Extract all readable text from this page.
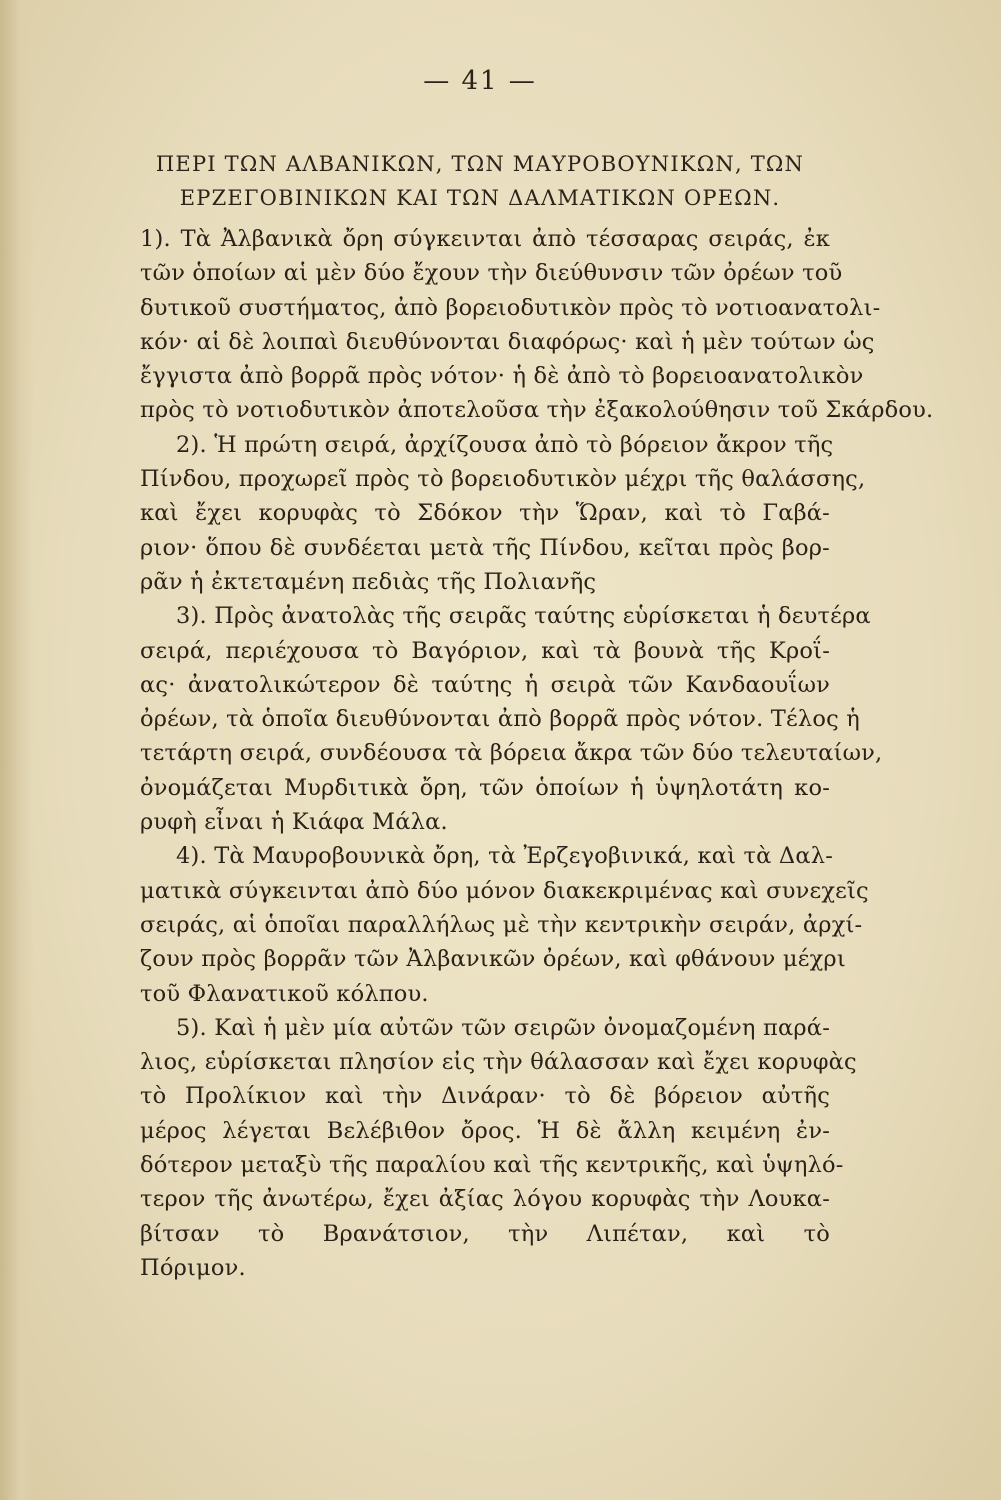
— 41 —
ΠΕΡΙ ΤΩΝ ΑΛΒΑΝΙΚΩΝ, ΤΩΝ ΜΑΥΡΟΒΟΥΝΙΚΩΝ, ΤΩΝ
ΕΡΖΕΓΟΒΙΝΙΚΩΝ ΚΑΙ ΤΩΝ ΔΑΛΜΑΤΙΚΩΝ ΟΡΕΩΝ.
1). Τὰ Ἀλβανικὰ ὄρη σύγκεινται ἀπὸ τέσσαρας σειράς, ἐκ
τῶν ὁποίων αἱ μὲν δύο ἔχουν τὴν διεύθυνσιν τῶν ὀρέων τοῦ
δυτικοῦ συστήματος, ἀπὸ βορειοδυτικὸν πρὸς τὸ νοτιοανατολι-
κόν· αἱ δὲ λοιπαὶ διευθύνονται διαφόρως· καὶ ἡ μὲν τούτων ὡς
ἔγγιστα ἀπὸ βορρᾶ πρὸς νότον· ἡ δὲ ἀπὸ τὸ βορειοανατολικὸν
πρὸς τὸ νοτιοδυτικὸν ἀποτελοῦσα τὴν ἐξακολούθησιν τοῦ Σκάρδου.
2). Ἡ πρώτη σειρά, ἀρχίζουσα ἀπὸ τὸ βόρειον ἄκρον τῆς
Πίνδου, προχωρεῖ πρὸς τὸ βορειοδυτικὸν μέχρι τῆς θαλάσσης,
καὶ ἔχει κορυφὰς τὸ Σδόκον τὴν Ὥραν, καὶ τὸ Γαβά-
ριον· ὅπου δὲ συνδέεται μετὰ τῆς Πίνδου, κεῖται πρὸς βορ-
ρᾶν ἡ ἐκτεταμένη πεδιὰς τῆς Πολιανῆς
3). Πρὸς ἀνατολὰς τῆς σειρᾶς ταύτης εὑρίσκεται ἡ δευτέρα
σειρά, περιέχουσα τὸ Βαγόριον, καὶ τὰ βουνὰ τῆς Κροΐ-
ας· ἀνατολικώτερον δὲ ταύτης ἡ σειρὰ τῶν Κανδαουΐων
ὀρέων, τὰ ὁποῖα διευθύνονται ἀπὸ βορρᾶ πρὸς νότον. Τέλος ἡ
τετάρτη σειρά, συνδέουσα τὰ βόρεια ἄκρα τῶν δύο τελευταίων,
ὀνομάζεται Μυρδιτικὰ ὄρη, τῶν ὁποίων ἡ ὑψηλοτάτη κο-
ρυφὴ εἶναι ἡ Κιάφα Μάλα.
4). Τὰ Μαυροβουνικὰ ὄρη, τὰ Ἐρζεγοβινικά, καὶ τὰ Δαλ-
ματικὰ σύγκεινται ἀπὸ δύο μόνον διακεκριμένας καὶ συνεχεῖς
σειράς, αἱ ὁποῖαι παραλλήλως μὲ τὴν κεντρικὴν σειράν, ἀρχί-
ζουν πρὸς βορρᾶν τῶν Ἀλβανικῶν ὀρέων, καὶ φθάνουν μέχρι
τοῦ Φλανατικοῦ κόλπου.
5). Καὶ ἡ μὲν μία αὐτῶν τῶν σειρῶν ὀνομαζομένη παρά-
λιος, εὑρίσκεται πλησίον εἰς τὴν θάλασσαν καὶ ἔχει κορυφὰς
τὸ Προλίκιον καὶ τὴν Δινάραν· τὸ δὲ βόρειον αὐτῆς
μέρος λέγεται Βελέβιθον ὄρος. Ἡ δὲ ἄλλη κειμένη ἐν-
δότερον μεταξὺ τῆς παραλίου καὶ τῆς κεντρικῆς, καὶ ὑψηλό-
τερον τῆς ἀνωτέρω, ἔχει ἀξίας λόγου κορυφὰς τὴν Λουκα-
βίτσαν τὸ Βρανάτσιον, τὴν Λιπέταν, καὶ τὸ
Πόριμον.
